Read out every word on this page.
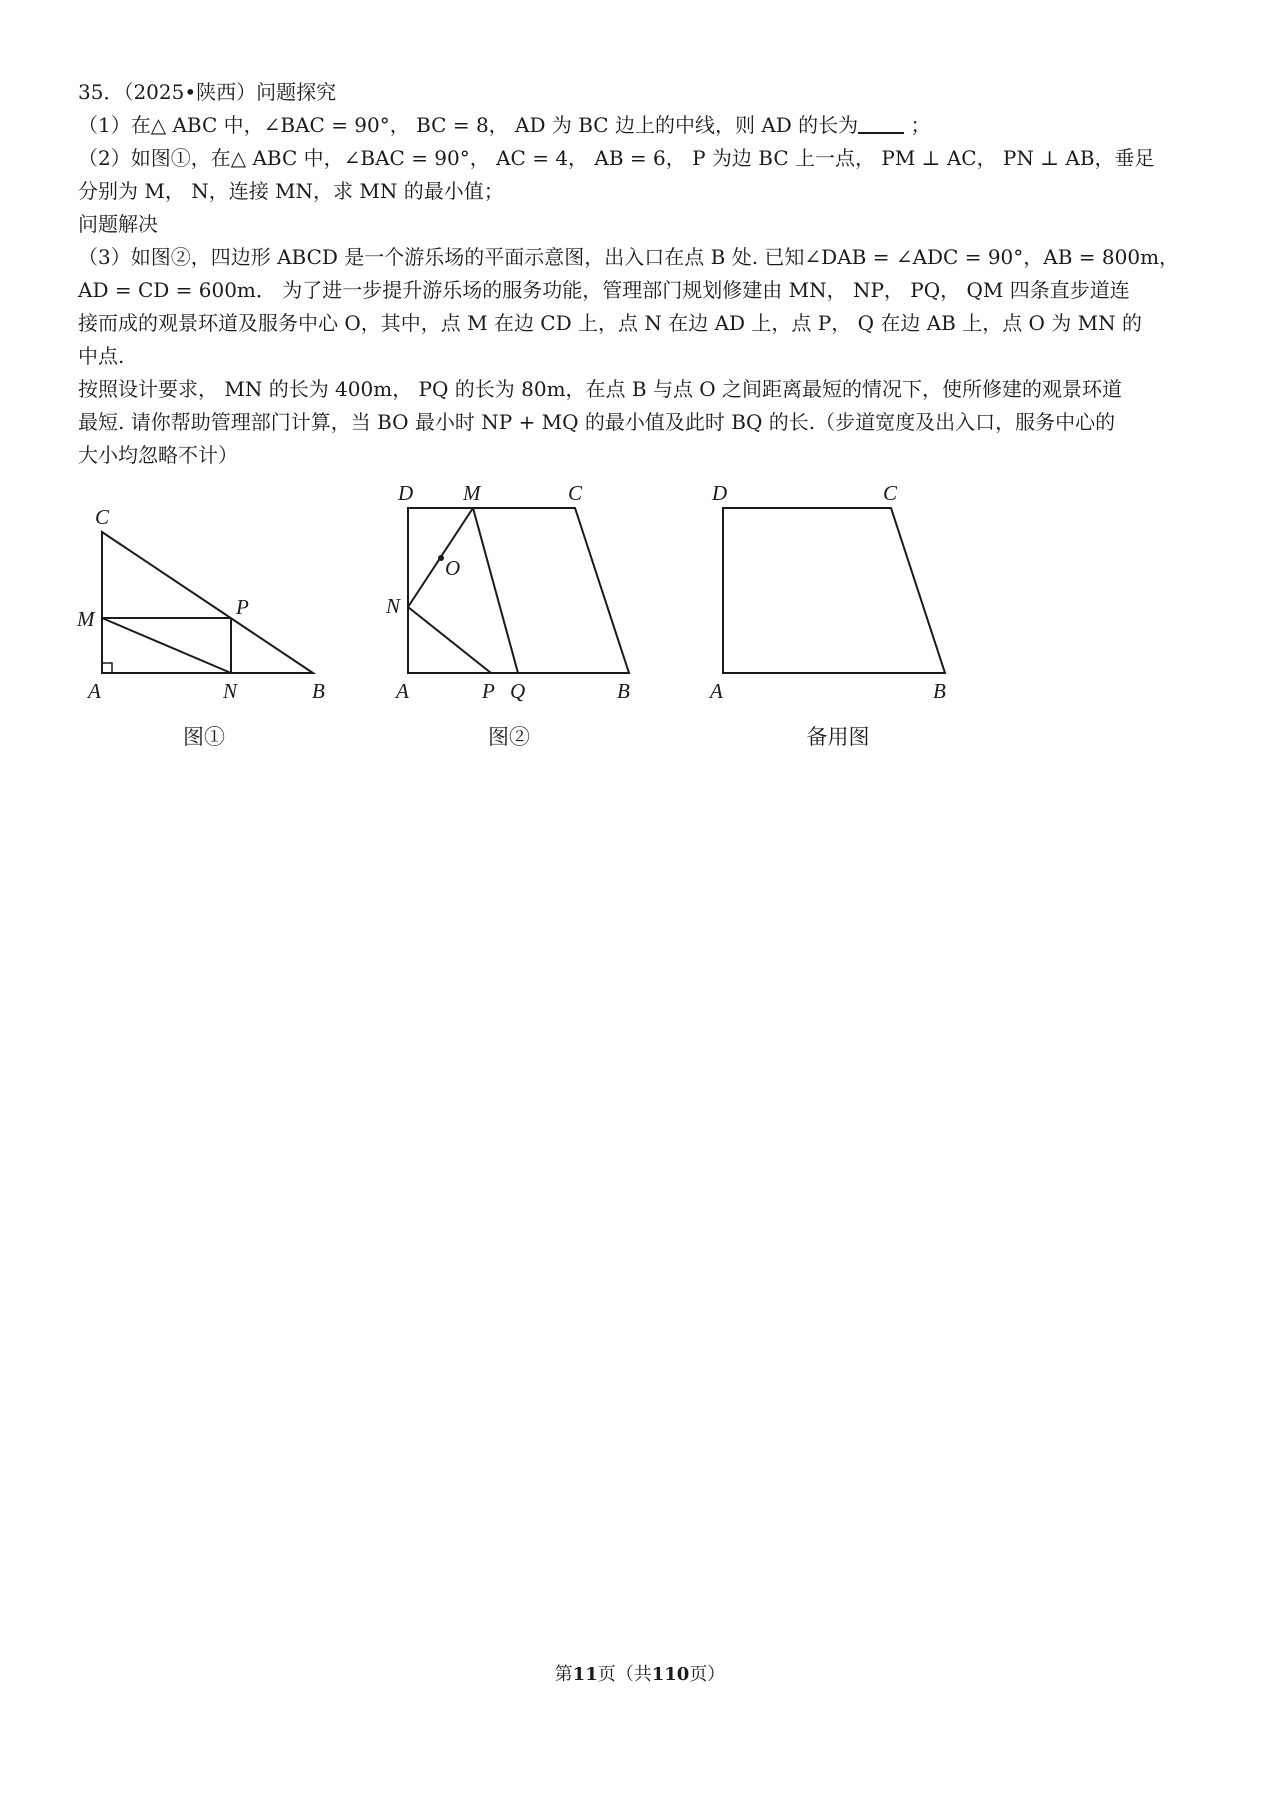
35．（2025•陕西）问题探究
（1）在△ ABC 中，∠BAC = 90°， BC = 8， AD 为 BC 边上的中线，则 AD 的长为	；
（2）如图①，在△ ABC 中，∠BAC = 90°， AC = 4， AB = 6， P 为边 BC 上一点， PM ⊥ AC， PN ⊥ AB，垂足
分别为 M， N，连接 MN，求 MN 的最小值；
问题解决
（3）如图②，四边形 ABCD 是一个游乐场的平面示意图，出入口在点 B 处. 已知∠DAB = ∠ADC = 90°，AB = 800m，
AD = CD = 600m． 为了进一步提升游乐场的服务功能，管理部门规划修建由 MN， NP， PQ， QM 四条直步道连
接而成的观景环道及服务中心 O，其中，点 M 在边 CD 上，点 N 在边 AD 上，点 P， Q 在边 AB 上，点 O 为 MN 的
中点.
按照设计要求， MN 的长为 400m， PQ 的长为 80m，在点 B 与点 O 之间距离最短的情况下，使所修建的观景环道
最短. 请你帮助管理部门计算，当 BO 最小时 NP + MQ 的最小值及此时 BQ 的长.（步道宽度及出入口，服务中心的
大小均忽略不计）
C
M	P
A	N	B
D M	C
O
N
A	P Q	B
D	C
A	B
图①	图②	备用图
第11页（共110页）
